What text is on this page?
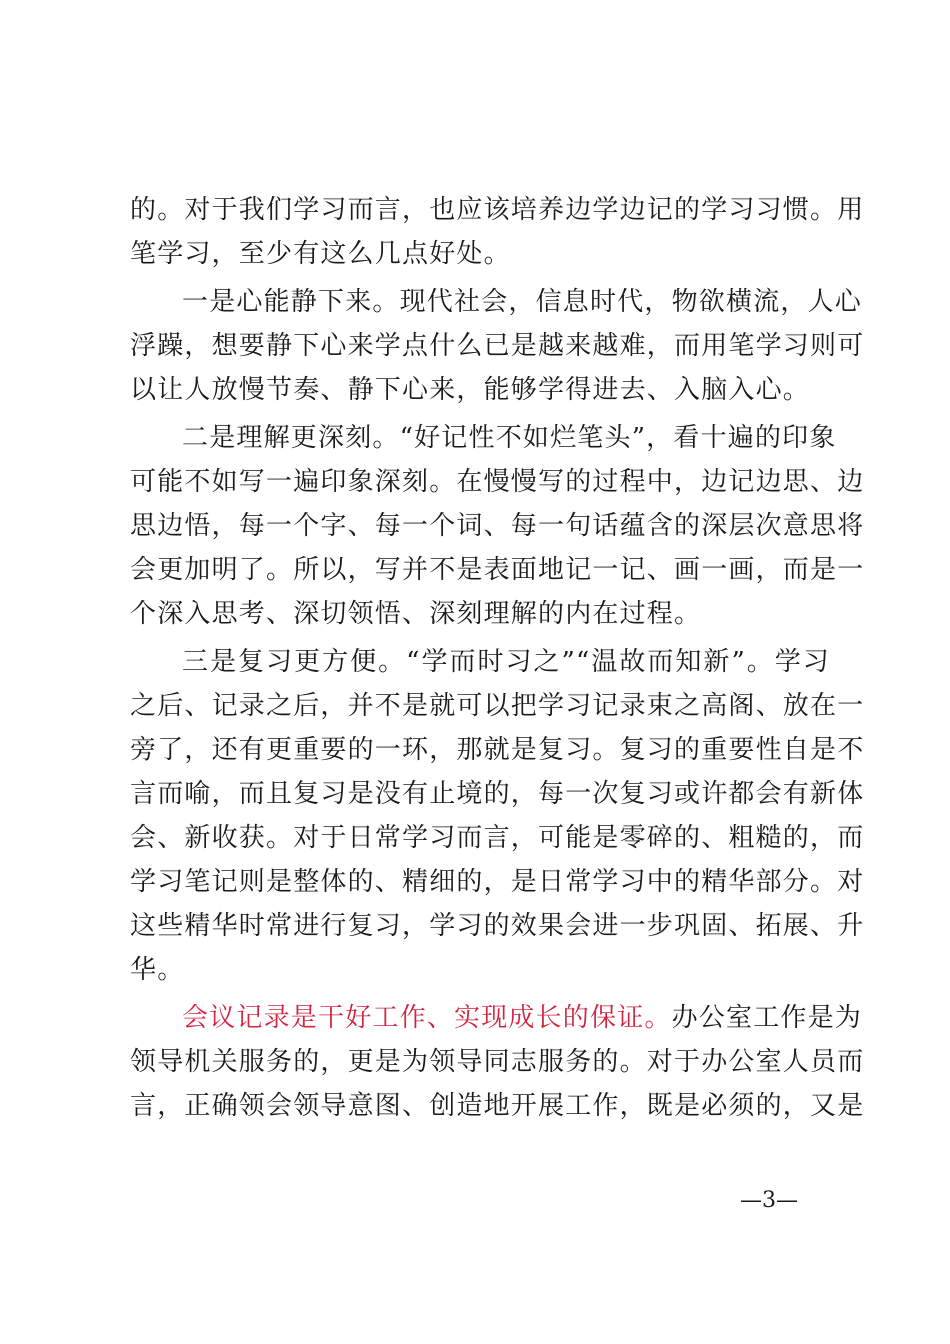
的。对于我们学习而言，也应该培养边学边记的学习习惯。用
笔学习，至少有这么几点好处。
一是心能静下来。现代社会，信息时代，物欲横流，人心
浮躁，想要静下心来学点什么已是越来越难，而用笔学习则可
以让人放慢节奏、静下心来，能够学得进去、入脑入心。
二是理解更深刻。“好记性不如烂笔头”，看十遍的印象
可能不如写一遍印象深刻。在慢慢写的过程中，边记边思、边
思边悟，每一个字、每一个词、每一句话蕴含的深层次意思将
会更加明了。所以，写并不是表面地记一记、画一画，而是一
个深入思考、深切领悟、深刻理解的内在过程。
三是复习更方便。“学而时习之”“温故而知新”。学习
之后、记录之后，并不是就可以把学习记录束之高阁、放在一
旁了，还有更重要的一环，那就是复习。复习的重要性自是不
言而喻，而且复习是没有止境的，每一次复习或许都会有新体
会、新收获。对于日常学习而言，可能是零碎的、粗糙的，而
学习笔记则是整体的、精细的，是日常学习中的精华部分。对
这些精华时常进行复习，学习的效果会进一步巩固、拓展、升
华。
会议记录是干好工作、实现成长的保证。办公室工作是为
领导机关服务的，更是为领导同志服务的。对于办公室人员而
言，正确领会领导意图、创造地开展工作，既是必须的，又是
—3—
